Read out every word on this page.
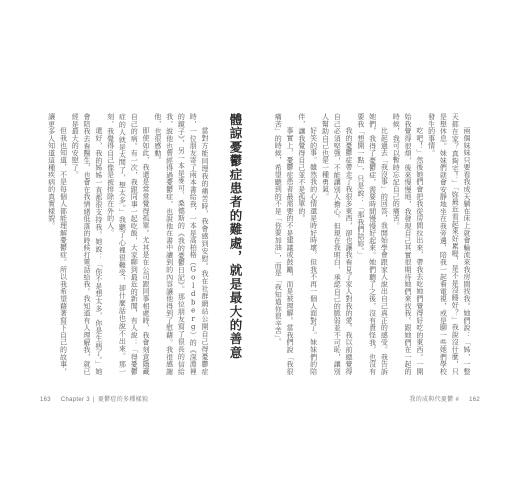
體諒憂鬱症患者的難處，就是最大的善意
當對方能同理我的痛苦時，我會感到安慰。我在社群網站公開自己得憂鬱症時，一位朋友寄了兩本書給我，一本是高柏格（Goldberg）的《深淵裡的鏡子》，另一本是麥可．桑德斯的《我的憂鬱日記》。那位朋友寫了很長的信給我，說他也曾經得過憂鬱症，也說他在書中讀到的內容讓他得到了慰藉。我很感謝他，也很感動。
即使如此，我還是常常覺得孤單。尤其是在公司跟同事相處時，我會刻意隱藏自己的病。有一次，我跟同事一起吃飯，大家聊到最近的新聞，有人說：「得憂鬱症的人就是太閒了，想太多。」我聽了心裡很難受，卻什麼話也說不出來。那一刻，我覺得自己像是被排除在外的人。
還好，我的姊姊一直都很支持我。她說：「你不是想太多，你是生病了。」她會陪我去看醫生，也會在我情緒低落的時候打電話給我。我知道有人理解我，就已經是最大的安慰了。
但我也知道，不是每個人都能理解憂鬱症。所以我希望藉著寫下自己的故事，讓更多人知道這種疾病的真實樣貌。
163 Chapter 3 | 憂鬱症的多種樣貌
兩個妹妹只要看我成天躺在床上就會輪流來我房間找我。她們說：「姊，一整天都在家？真夠宅！」「妳最近看起來好累喔，是不是沒睡好？」我說沒什麼，只是想休息。妹妹們就會安靜地坐在我旁邊，陪我一起看電視，或是聊一些她們學校發生的事情。
吃吧！」然後她們會把我從房間拉出來，帶我去吃她們覺得好吃的東西。一開始我覺得很煩，後來慢慢地，我發現自己其實很期待她們來找我。跟她們在一起的時候，我可以暫時忘記自己的痛苦。
比起過去「我沒事」的回答，我開始學會跟家人說出自己真正的感受。我告訴她們，我得了憂鬱症，需要時間慢慢好起來。她們聽了之後，沒有責怪我，也沒有要我「想開一點」，只是說：「那我們陪妳。」
我的憂鬱症帶走了我很多東西，卻也讓我看見了家人對我的愛。我以前總覺得自己必須堅強，不能讓別人擔心。但現在我明白，承認自己的脆弱並不可恥，讓別人幫助自己也是一種勇氣。
好笑的事。雖然我的心情還是時好時壞，但我不再一個人面對了。妹妹們的陪伴，讓我覺得自己並不是孤單的。
事實上，憂鬱症患者最需要的不是建議或鼓勵，而是被理解。當我們說「我很痛苦」的時候，希望聽到的不是「你要加油」，而是「我知道你很辛苦」。
我的成與代憂鬱 # 162
